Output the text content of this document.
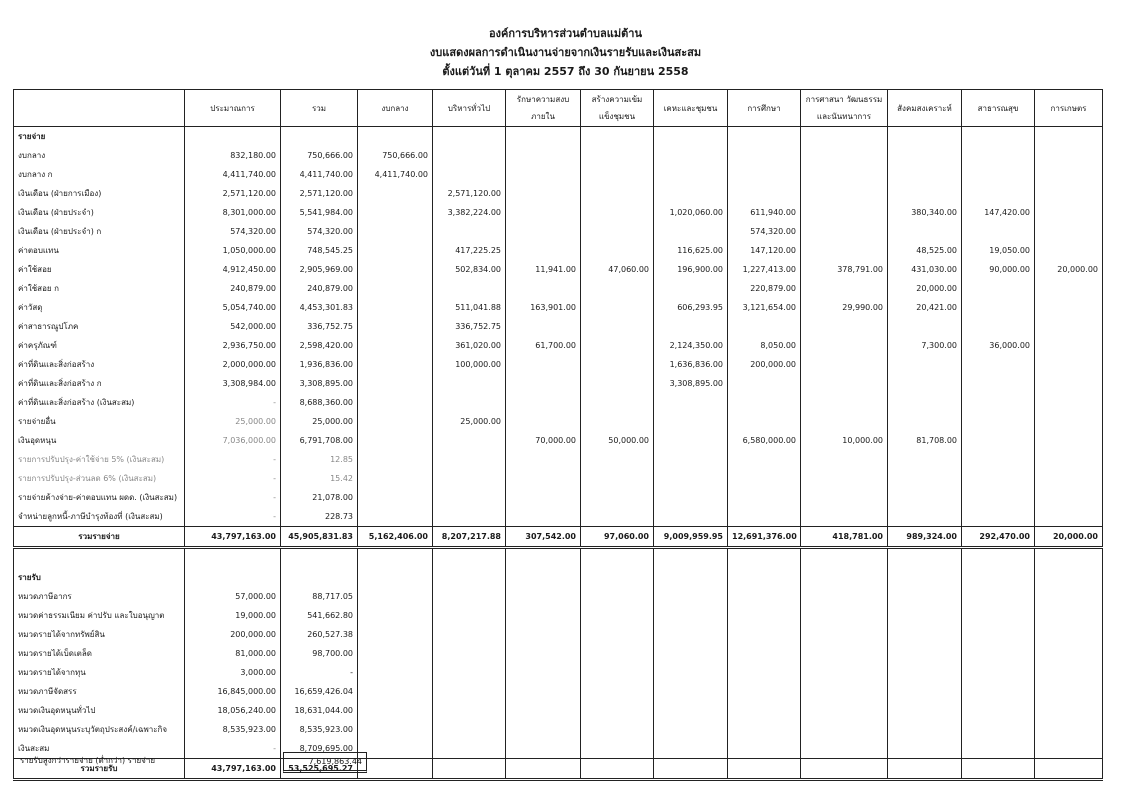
องค์การบริหารส่วนตำบลแม่ต้าน
งบแสดงผลการดำเนินงานจ่ายจากเงินรายรับและเงินสะสม
ตั้งแต่วันที่ 1 ตุลาคม 2557 ถึง 30 กันยายน 2558
	ประมาณการ	รวม	งบกลาง	บริหารทั่วไป	รักษาความสงบภายใน	สร้างความเข้มแข็งชุมชน	เคหะและชุมชน	การศึกษา	การศาสนา วัฒนธรรมและนันทนาการ	สังคมสงเคราะห์	สาธารณสุข	การเกษตร
รายจ่าย												
งบกลาง	832,180.00	750,666.00	750,666.00									
งบกลาง ก	4,411,740.00	4,411,740.00	4,411,740.00									
เงินเดือน (ฝ่ายการเมือง)	2,571,120.00	2,571,120.00		2,571,120.00								
เงินเดือน (ฝ่ายประจำ)	8,301,000.00	5,541,984.00		3,382,224.00			1,020,060.00	611,940.00		380,340.00	147,420.00	
เงินเดือน (ฝ่ายประจำ) ก	574,320.00	574,320.00						574,320.00				
ค่าตอบแทน	1,050,000.00	748,545.25		417,225.25			116,625.00	147,120.00		48,525.00	19,050.00	
ค่าใช้สอย	4,912,450.00	2,905,969.00		502,834.00	11,941.00	47,060.00	196,900.00	1,227,413.00	378,791.00	431,030.00	90,000.00	20,000.00
ค่าใช้สอย ก	240,879.00	240,879.00						220,879.00		20,000.00		
ค่าวัสดุ	5,054,740.00	4,453,301.83		511,041.88	163,901.00		606,293.95	3,121,654.00	29,990.00	20,421.00		
ค่าสาธารณูปโภค	542,000.00	336,752.75		336,752.75								
ค่าครุภัณฑ์	2,936,750.00	2,598,420.00		361,020.00	61,700.00		2,124,350.00	8,050.00		7,300.00	36,000.00	
ค่าที่ดินและสิ่งก่อสร้าง	2,000,000.00	1,936,836.00		100,000.00			1,636,836.00	200,000.00				
ค่าที่ดินและสิ่งก่อสร้าง ก	3,308,984.00	3,308,895.00					3,308,895.00					
ค่าที่ดินและสิ่งก่อสร้าง (เงินสะสม)	-	8,688,360.00										
รายจ่ายอื่น	25,000.00	25,000.00		25,000.00								
เงินอุดหนุน	7,036,000.00	6,791,708.00			70,000.00	50,000.00		6,580,000.00	10,000.00	81,708.00		
รายการปรับปรุง-ค่าใช้จ่าย 5% (เงินสะสม)	-	12.85										
รายการปรับปรุง-ส่วนลด 6% (เงินสะสม)	-	15.42										
รายจ่ายค้างจ่าย-ค่าตอบแทน ผดด. (เงินสะสม)	-	21,078.00										
จำหน่ายลูกหนี้-ภาษีบำรุงท้องที่ (เงินสะสม)	-	228.73										
รวมรายจ่าย	43,797,163.00	45,905,831.83	5,162,406.00	8,207,217.88	307,542.00	97,060.00	9,009,959.95	12,691,376.00	418,781.00	989,324.00	292,470.00	20,000.00

รายรับ												
หมวดภาษีอากร	57,000.00	88,717.05										
หมวดค่าธรรมเนียม ค่าปรับ และใบอนุญาต	19,000.00	541,662.80										
หมวดรายได้จากทรัพย์สิน	200,000.00	260,527.38										
หมวดรายได้เบ็ดเตล็ด	81,000.00	98,700.00										
หมวดรายได้จากทุน	3,000.00	-										
หมวดภาษีจัดสรร	16,845,000.00	16,659,426.04										
หมวดเงินอุดหนุนทั่วไป	18,056,240.00	18,631,044.00										
หมวดเงินอุดหนุนระบุวัตถุประสงค์/เฉพาะกิจ	8,535,923.00	8,535,923.00										
เงินสะสม	-	8,709,695.00										
รวมรายรับ	43,797,163.00	53,525,695.27										
รายรับสูงกว่ารายจ่าย (ต่ำกว่า) รายจ่าย	7,619,863.44
